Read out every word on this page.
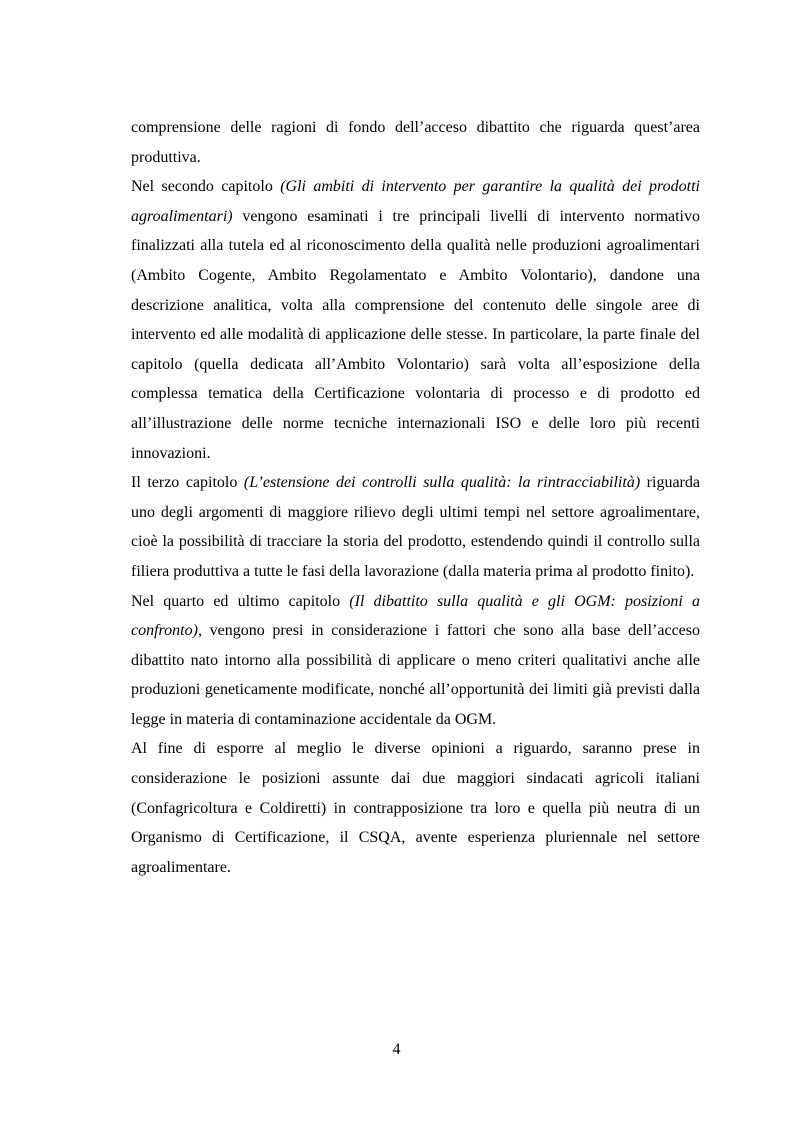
comprensione delle ragioni di fondo dell’acceso dibattito che riguarda quest’area produttiva.

Nel secondo capitolo (Gli ambiti di intervento per garantire la qualità dei prodotti agroalimentari) vengono esaminati i tre principali livelli di intervento normativo finalizzati alla tutela ed al riconoscimento della qualità nelle produzioni agroalimentari (Ambito Cogente, Ambito Regolamentato e Ambito Volontario), dandone una descrizione analitica, volta alla comprensione del contenuto delle singole aree di intervento ed alle modalità di applicazione delle stesse. In particolare, la parte finale del capitolo (quella dedicata all’Ambito Volontario) sarà volta all’esposizione della complessa tematica della Certificazione volontaria di processo e di prodotto ed all’illustrazione delle norme tecniche internazionali ISO e delle loro più recenti innovazioni.

Il terzo capitolo (L’estensione dei controlli sulla qualità: la rintracciabilità) riguarda uno degli argomenti di maggiore rilievo degli ultimi tempi nel settore agroalimentare, cioè la possibilità di tracciare la storia del prodotto, estendendo quindi il controllo sulla filiera produttiva a tutte le fasi della lavorazione (dalla materia prima al prodotto finito).

Nel quarto ed ultimo capitolo (Il dibattito sulla qualità e gli OGM: posizioni a confronto), vengono presi in considerazione i fattori che sono alla base dell’acceso dibattito nato intorno alla possibilità di applicare o meno criteri qualitativi anche alle produzioni geneticamente modificate, nonché all’opportunità dei limiti già previsti dalla legge in materia di contaminazione accidentale da OGM.

Al fine di esporre al meglio le diverse opinioni a riguardo, saranno prese in considerazione le posizioni assunte dai due maggiori sindacati agricoli italiani (Confagricoltura e Coldiretti) in contrapposizione tra loro e quella più neutra di un Organismo di Certificazione, il CSQA, avente esperienza pluriennale nel settore agroalimentare.

4
